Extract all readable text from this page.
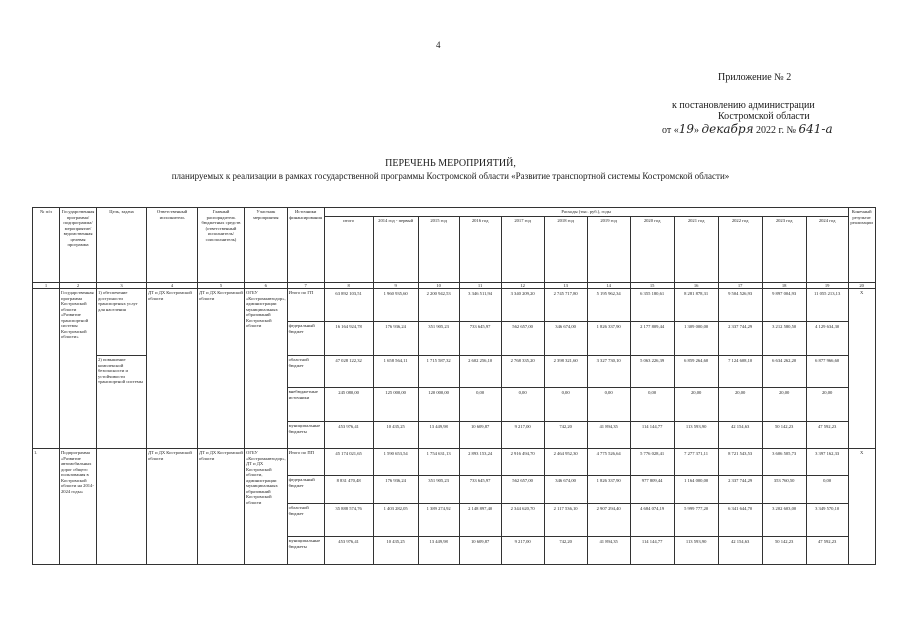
4
Приложение № 2
к постановлению администрации
Костромской области
от «19» декабря 2022 г. № 641-а
ПЕРЕЧЕНЬ МЕРОПРИЯТИЙ,
планируемых к реализации в рамках государственной программы Костромской области «Развитие транспортной системы Костромской области»
№ п/п	Государственная программа/ подпрограмма/ мероприятие/ведомственная целевая программа	Цель, задача	Ответственный исполнитель	Главный распорядитель бюджетных средств (ответственный исполнитель/ соисполнитель)	Участник мероприятия	Источники финансирования	Расходы (тыс. руб.), годы												Конечный результат реализации
							итого	2014 год - первый	2015 год	2016 год	2017 год	2018 год	2019 год	2020 год	2021 год	2022 год	2023 год	2024 год	
1	2	3	4	5	6	7	8	9	10	11	12	13	14	15	16	17	18	19	20
	Государственная программа Костромской области «Развитие транспортной системы Костромской области»	1) обеспечение доступности транспортных услуг для населения	ДТ и ДХ Костромской области	ДТ и ДХ Костромской области	ОГБУ «Костромаавтодор», администрации муниципальных образований Костромской области	Итого по ГП	63 892 103,51	1 960 935,60	2 200 942,53	3 346 511,94	3 340 209,20	2 745 717,80	5 195 962,34	6 355 180,61	8 281 878,31	9 504 526,93	9 897 004,93	11 055 213,13	X
						федеральный бюджет	16 164 924,78	176 936,24	351 905,23	733 645,97	562 657,00	346 674,00	1 826 337,90	2 177 809,44	1 309 000,00	2 337 744,29	3 212 580,50	4 129 634,30	
		2) повышение комплексной безопасности и устойчивости транспортной системы				областной бюджет	47 028 122,32	1 658 564,11	1 715 587,32	2 602 256,10	2 768 335,20	2 398 321,60	3 327 730,10	5 063 226,39	6 859 264,60	7 124 608,10	6 634 262,20	6 877 966,60	
						внебюджетные источники	245 080,00	125 000,00	120 000,00	0,00	0,00	0,00	0,00	0,00	20,00	20,00	20,00	20,00	
						муниципальные бюджеты	453 976,41	10 435,25	13 449,98	10 609,87	9 217,00	742,20	41 894,35	114 144,77	113 593,90	42 154,63	50 142,23	47 592,23	
1.	Подпрограмма «Развитие автомобильных дорог общего пользования в Костромской области на 2014-2024 годы»		ДТ и ДХ Костромской области	ДТ и ДХ Костромской области	ОГБУ «Костромаавтодор», ДТ и ДХ Костромской области, администрации муниципальных образований Костромской области	Итого по ПП	45 174 021,65	1 590 653,54	1 754 631,13	2 893 153,24	2 916 494,70	2 464 952,30	4 775 526,64	5 776 028,41	7 277 371,11	8 721 543,53	3 606 505,73	3 397 162,33	X
						федеральный бюджет	8 831 470,48	176 936,24	351 905,23	733 645,97	562 657,00	346 674,00	1 826 337,90	977 809,44	1 164 000,00	2 337 744,29	353 760,50	0,00	
						областной бюджет	35 888 574,76	1 403 282,05	1 389 274,92	2 148 897,40	2 344 620,70	2 117 536,10	2 907 294,40	4 684 074,19	5 999 777,20	6 341 644,70	3 202 603,00	3 349 570,10	
						муниципальные бюджеты	453 976,41	10 435,25	13 449,98	10 609,87	9 217,00	742,20	41 894,35	114 144,77	113 593,90	42 154,63	50 142,23	47 592,23	
